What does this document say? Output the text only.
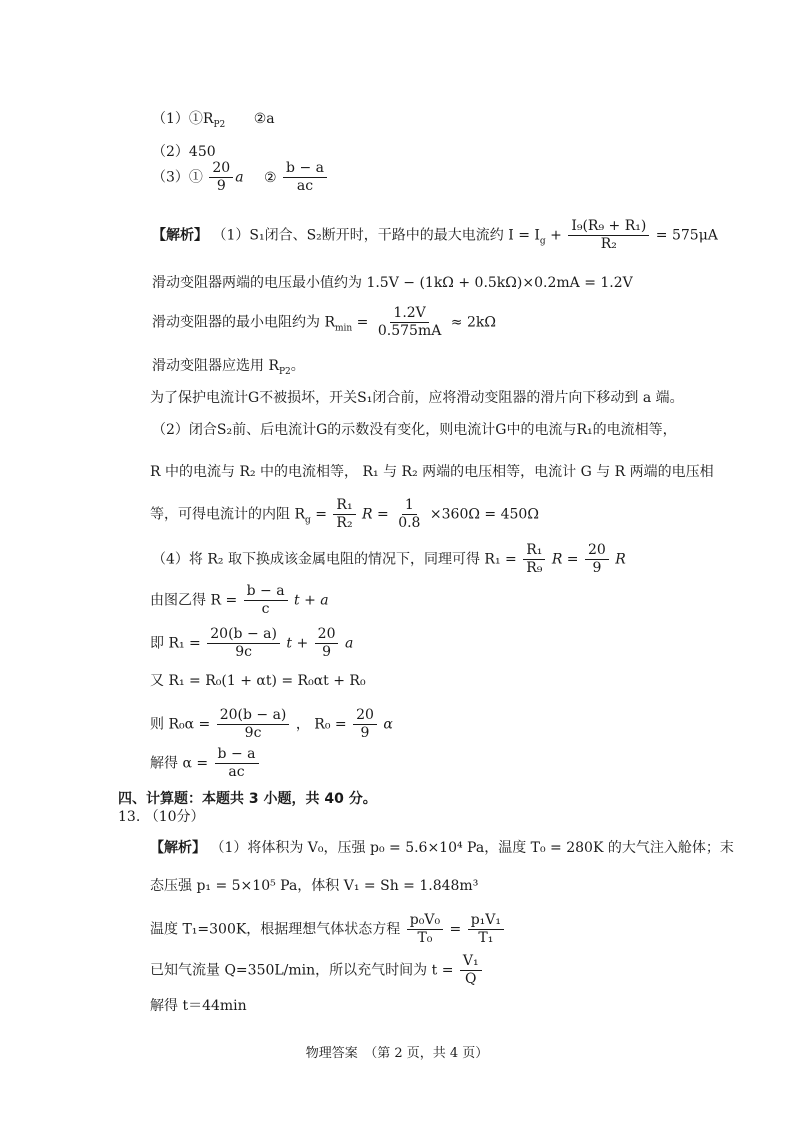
$(1)①R_{P2}$ ②a
（2）450
（3）① $\frac{20}{9}$ a ② $\frac{b - a}{ac}$
【解析】 （1）S₁闭合、S₂断开时，干路中的最大电流约 $I = I_g + \frac{\text{I₉(R₉ + R₁)}}{\text{R₂}} = 575\mu A$
滑动变阻器两端的电压最小值约为 1.5V − (1kΩ + 0.5kΩ)×0.2mA = 1.2V
滑动变阻器的最小电阻约为 $R_{min} = \frac{1.2V}{0.575mA} \approx 2k\Omega$
滑动变阻器应选用 $R_{P2}$。
为了保护电流计G不被损坏，开关S₁闭合前，应将滑动变阻器的滑片向下移动到 a 端。
（2）闭合S₂前、后电流计G的示数没有变化，则电流计G中的电流与R₁的电流相等，
R 中的电流与 R₂ 中的电流相等， R₁ 与 R₂ 两端的电压相等，电流计 G 与 R 两端的电压相
等，可得电流计的内阻 $R_g = \frac{\text{R₁}}{\text{R₂}}$ $R = \frac{1}{0.8} \times 360\Omega = 450\Omega$
（4）将 R₂ 取下换成该金属电阻的情况下，同理可得 $R_1 = \frac{\text{R₁}}{\text{R₉}}$ $R = \frac{20}{9}$ R
由图乙得 $R = \frac{b - a}{c}$ t + a
即 $R_1 = \frac{20(b - a)}{9c}$ $t + \frac{20}{9}$ a
又 R₁ = R₀(1 + αt) = R₀αt + R₀
则 $R_0\alpha = \frac{20(b - a)}{9c}$ ， $R_0 = \frac{20}{9}$ α
解得 $\alpha = \frac{b - a}{ac}$
四、计算题：本题共 3 小题，共 40 分。
13. （10分）
【解析】 （1）将体积为 V₀，压强 p₀ = 5.6×10⁴ Pa，温度 T₀ = 280K 的大气注入舱体；末
态压强 p₁ = 5×10⁵ Pa，体积 V₁ = Sh = 1.848m³
温度 T₁=300K，根据理想气体状态方程 $\frac{\text{p₀V₀}}{\text{T₀}} = \frac{\text{p₁V₁}}{\text{T₁}}$
已知气流量 Q=350L/min，所以充气时间为 $t = \frac{\text{V₁}}{Q}$
解得 t＝44min
物理答案　（第 2 页，共 4 页）
